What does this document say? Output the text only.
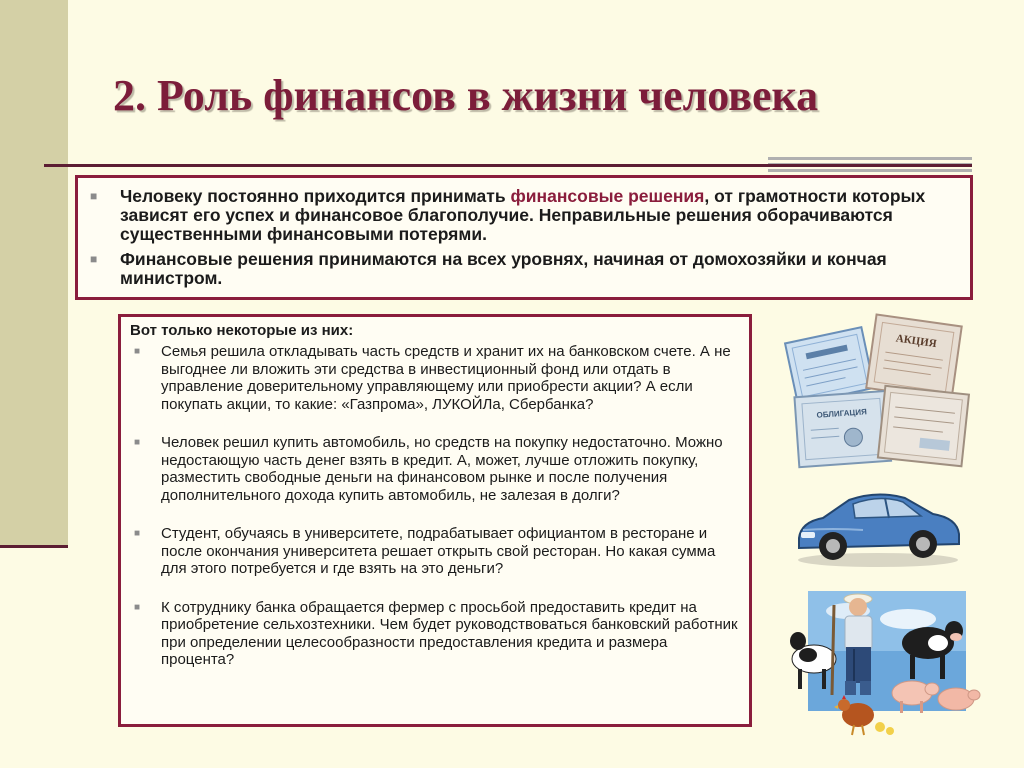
2. Роль финансов в жизни человека
■ Человеку постоянно приходится принимать финансовые решения, от грамотности которых зависят его успех и финансовое благополучие. Неправильные решения оборачиваются существенными финансовыми потерями.
■ Финансовые решения принимаются на всех уровнях, начиная от домохозяйки и кончая министром.
Вот только некоторые из них:
■ Семья решила откладывать часть средств и хранит их на банковском счете. А не выгоднее ли вложить эти средства в инвестиционный фонд или отдать в управление доверительному управляющему или приобрести акции? А если покупать акции, то какие: «Газпрома», ЛУКОЙЛа, Сбербанка?
■ Человек решил купить автомобиль, но средств на покупку недостаточно. Можно недостающую часть денег взять в кредит. А, может, лучше отложить покупку, разместить свободные деньги на финансовом рынке и после получения дополнительного дохода купить автомобиль, не залезая в долги?
■ Студент, обучаясь в университете, подрабатывает официантом в ресторане и после окончания университета решает открыть свой ресторан. Но какая сумма для этого потребуется и где взять на это деньги?
■ К сотруднику банка обращается фермер с просьбой предоставить кредит на приобретение сельхозтехники. Чем будет руководствоваться банковский работник при определении целесообразности предоставления кредита и размера процента?
АКЦИЯ
ОБЛИГАЦИЯ
